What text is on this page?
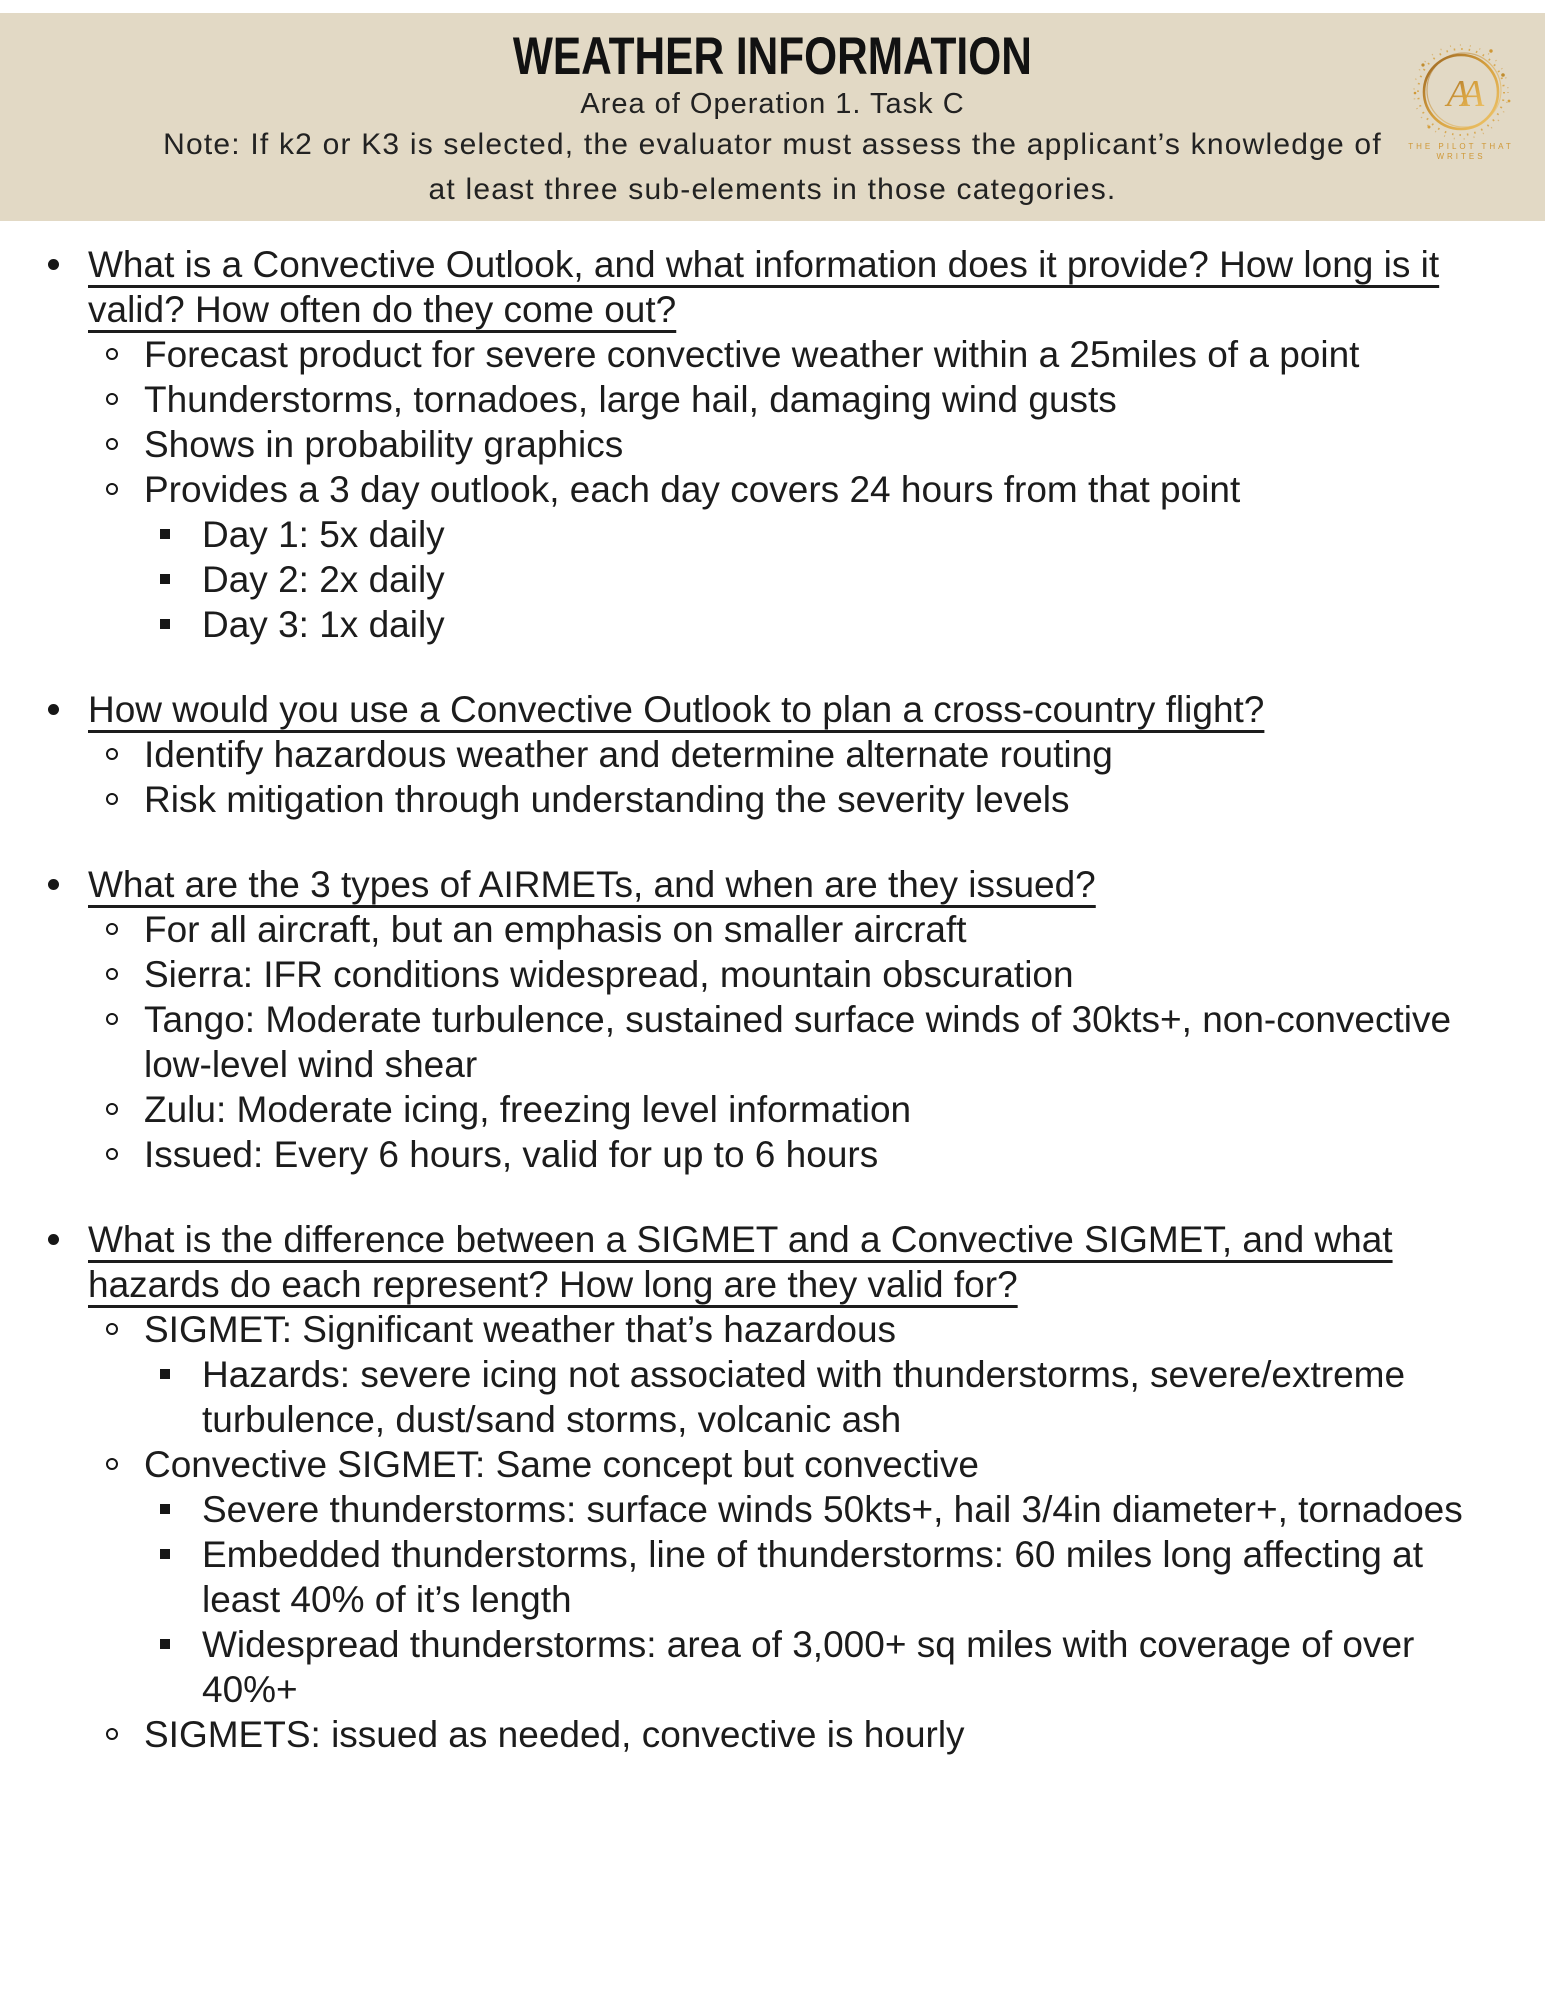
WEATHER INFORMATION
Area of Operation 1. Task C
Note: If k2 or K3 is selected, the evaluator must assess the applicant’s knowledge of
at least three sub-elements in those categories.
AA
THE PILOT THAT
WRITES
What is a Convective Outlook, and what information does it provide? How long is it valid? How often do they come out?
Forecast product for severe convective weather within a 25miles of a point
Thunderstorms, tornadoes, large hail, damaging wind gusts
Shows in probability graphics
Provides a 3 day outlook, each day covers 24 hours from that point
Day 1: 5x daily
Day 2: 2x daily
Day 3: 1x daily
How would you use a Convective Outlook to plan a cross-country flight?
Identify hazardous weather and determine alternate routing
Risk mitigation through understanding the severity levels
What are the 3 types of AIRMETs, and when are they issued?
For all aircraft, but an emphasis on smaller aircraft
Sierra: IFR conditions widespread, mountain obscuration
Tango: Moderate turbulence, sustained surface winds of 30kts+, non-convective low-level wind shear
Zulu: Moderate icing, freezing level information
Issued: Every 6 hours, valid for up to 6 hours
What is the difference between a SIGMET and a Convective SIGMET, and what hazards do each represent? How long are they valid for?
SIGMET: Significant weather that’s hazardous
Hazards: severe icing not associated with thunderstorms, severe/extreme turbulence, dust/sand storms, volcanic ash
Convective SIGMET: Same concept but convective
Severe thunderstorms: surface winds 50kts+, hail 3/4in diameter+, tornadoes
Embedded thunderstorms, line of thunderstorms: 60 miles long affecting at least 40% of it’s length
Widespread thunderstorms: area of 3,000+ sq miles with coverage of over 40%+
SIGMETS: issued as needed, convective is hourly
